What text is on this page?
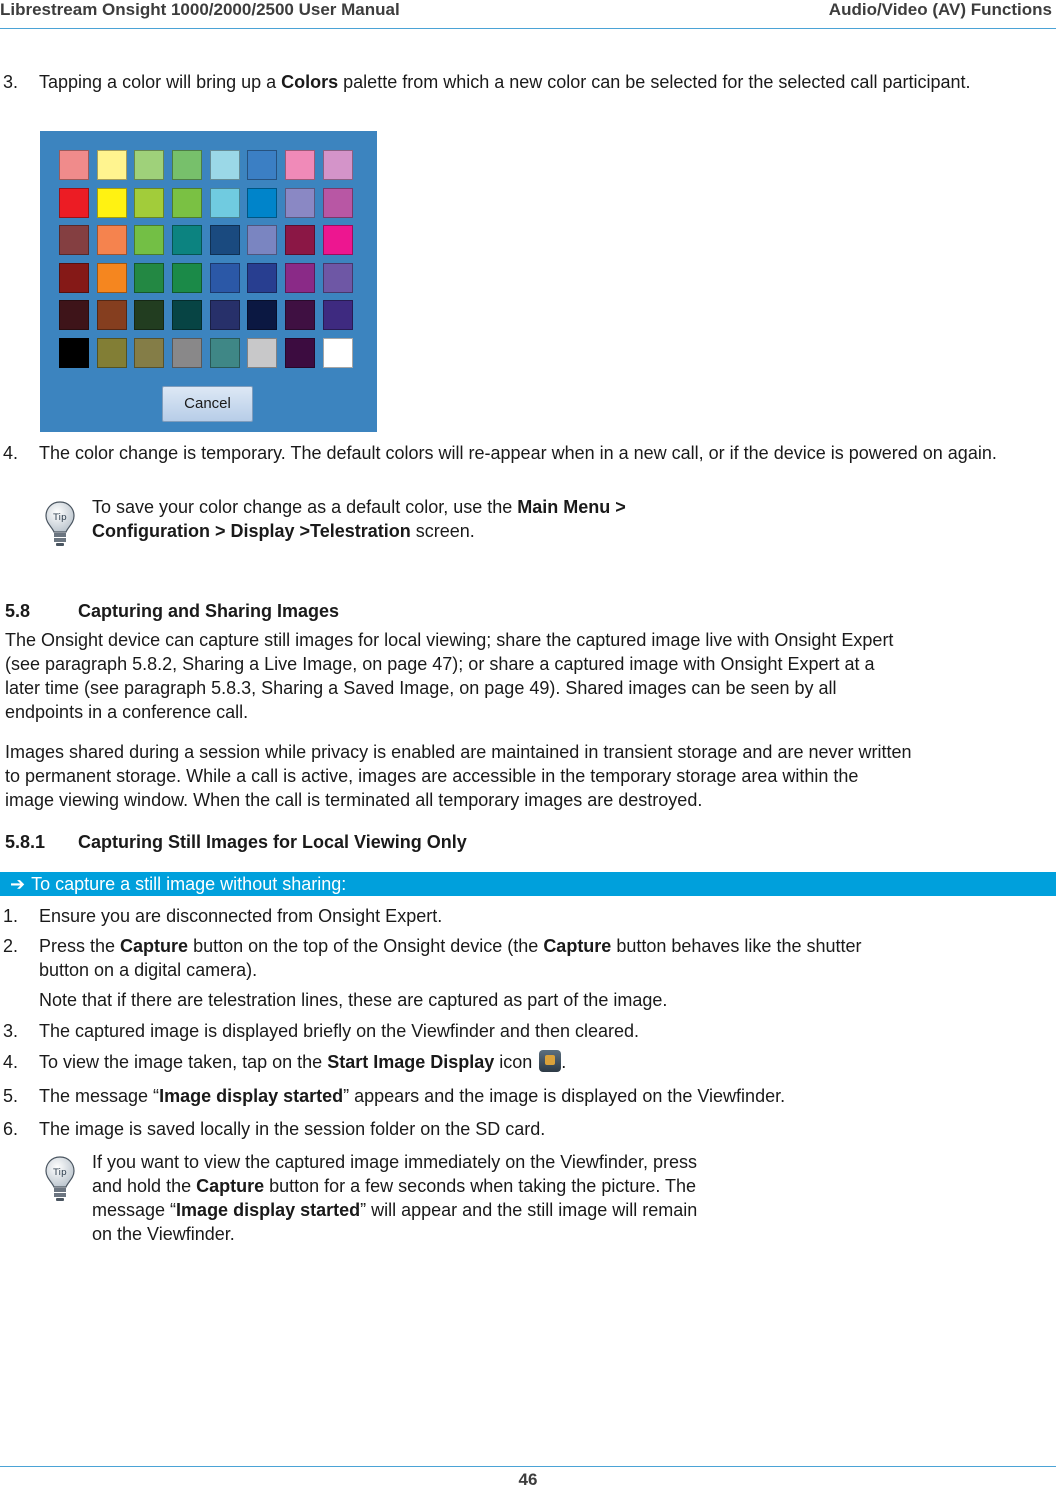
Librestream Onsight 1000/2000/2500 User Manual	Audio/Video (AV) Functions
3. Tapping a color will bring up a Colors palette from which a new color can be selected for the selected call participant.
Cancel
4. The color change is temporary. The default colors will re-appear when in a new call, or if the device is powered on again.
Tip
To save your color change as a default color, use the Main Menu >
Configuration > Display >Telestration screen.
5.8	Capturing and Sharing Images
The Onsight device can capture still images for local viewing; share the captured image live with Onsight Expert
(see paragraph 5.8.2, Sharing a Live Image, on page 47); or share a captured image with Onsight Expert at a
later time (see paragraph 5.8.3, Sharing a Saved Image, on page 49). Shared images can be seen by all
endpoints in a conference call.
Images shared during a session while privacy is enabled are maintained in transient storage and are never written
to permanent storage. While a call is active, images are accessible in the temporary storage area within the
image viewing window. When the call is terminated all temporary images are destroyed.
5.8.1 Capturing Still Images for Local Viewing Only
➔ To capture a still image without sharing:
1. Ensure you are disconnected from Onsight Expert.
2. Press the Capture button on the top of the Onsight device (the Capture button behaves like the shutter
button on a digital camera).
Note that if there are telestration lines, these are captured as part of the image.
3. The captured image is displayed briefly on the Viewfinder and then cleared.
4. To view the image taken, tap on the Start Image Display icon .
5. The message “Image display started” appears and the image is displayed on the Viewfinder.
6. The image is saved locally in the session folder on the SD card.
Tip
If you want to view the captured image immediately on the Viewfinder, press
and hold the Capture button for a few seconds when taking the picture. The
message “Image display started” will appear and the still image will remain
on the Viewfinder.
46
